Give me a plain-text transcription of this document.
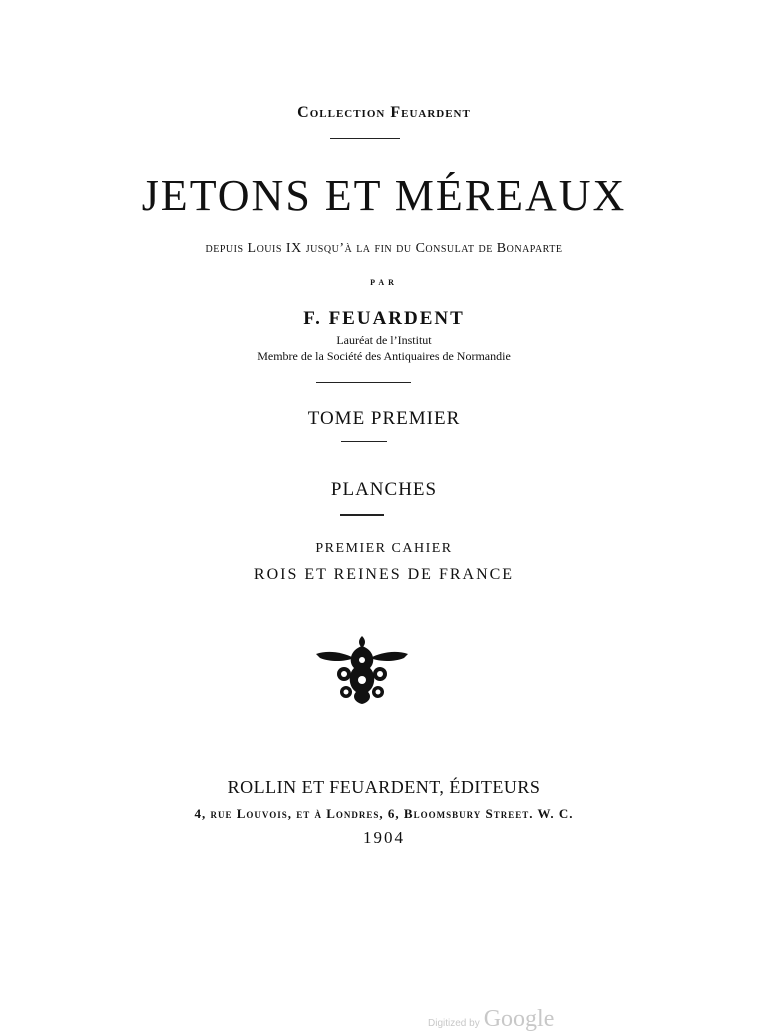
Collection Feuardent
JETONS ET MÉREAUX
depuis Louis IX jusqu’à la fin du Consulat de Bonaparte
PAR
F. FEUARDENT
Lauréat de l’Institut
Membre de la Société des Antiquaires de Normandie
TOME PREMIER
PLANCHES
PREMIER CAHIER
ROIS ET REINES DE FRANCE
ROLLIN ET FEUARDENT, ÉDITEURS
4, rue Louvois, et à Londres, 6, Bloomsbury Street. W. C.
1904
Digitized by Google
